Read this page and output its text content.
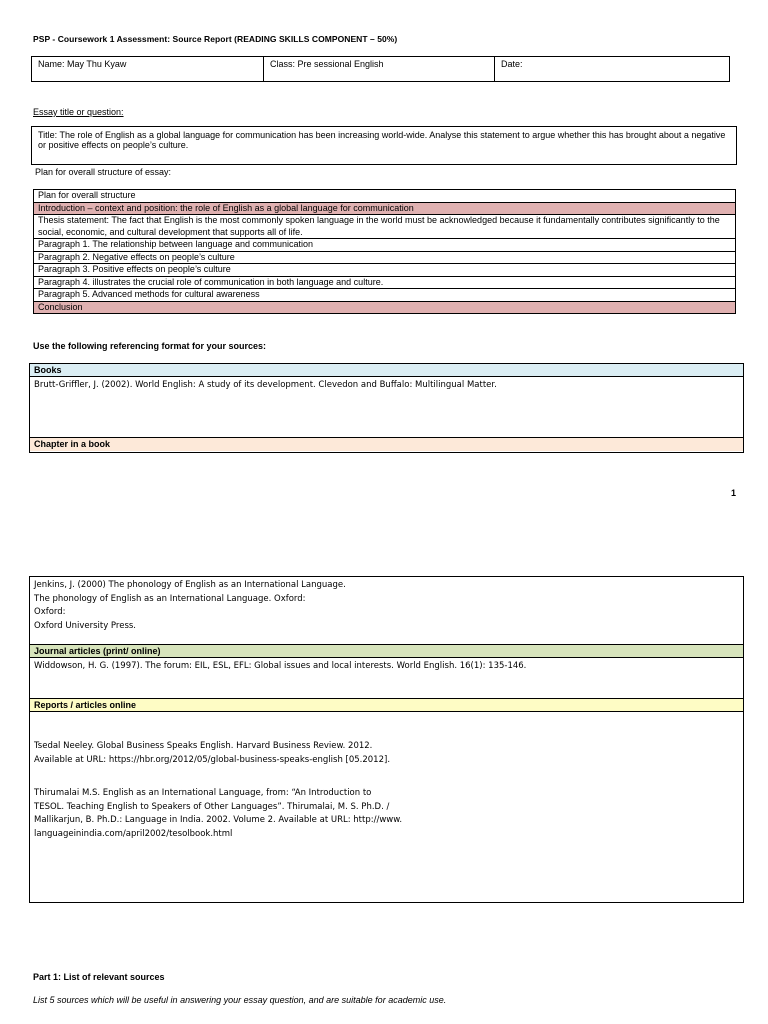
PSP - Coursework 1 Assessment: Source Report (READING SKILLS COMPONENT – 50%)
Name: May Thu Kyaw	Class: Pre sessional English	Date:
Essay title or question:
Title: The role of English as a global language for communication has been increasing world-wide. Analyse this statement to argue whether this has brought about a negative or positive effects on people’s culture.
Plan for overall structure of essay:
Plan for overall structure
Introduction – context and position: the role of English as a global language for communication
Thesis statement: The fact that English is the most commonly spoken language in the world must be acknowledged because it fundamentally contributes significantly to the social, economic, and cultural development that supports all of life.
Paragraph 1. The relationship between language and communication
Paragraph 2. Negative effects on people’s culture
Paragraph 3. Positive effects on people’s culture
Paragraph 4. illustrates the crucial role of communication in both language and culture.
Paragraph 5. Advanced methods for cultural awareness
Conclusion
Use the following referencing format for your sources:
Books
Brutt-Griffler, J. (2002). World English: A study of its development. Clevedon and Buffalo: Multilingual Matter.
Chapter in a book
1
Jenkins, J. (2000) The phonology of English as an International Language.
The phonology of English as an International Language. Oxford:
Oxford:
Oxford University Press.
Journal articles (print/ online)
Widdowson, H. G. (1997). The forum: EIL, ESL, EFL: Global issues and local interests. World English. 16(1): 135-146.
Reports / articles online
Tsedal Neeley. Global Business Speaks English. Harvard Business Review. 2012.
Available at URL: https://hbr.org/2012/05/global-business-speaks-english [05.2012].
Thirumalai M.S. English as an International Language, from: “An Introduction to
TESOL. Teaching English to Speakers of Other Languages”. Thirumalai, M. S. Ph.D. /
Mallikarjun, B. Ph.D.: Language in India. 2002. Volume 2. Available at URL: http://www.
languageinindia.com/april2002/tesolbook.html
Part 1: List of relevant sources
List 5 sources which will be useful in answering your essay question, and are suitable for academic use.
